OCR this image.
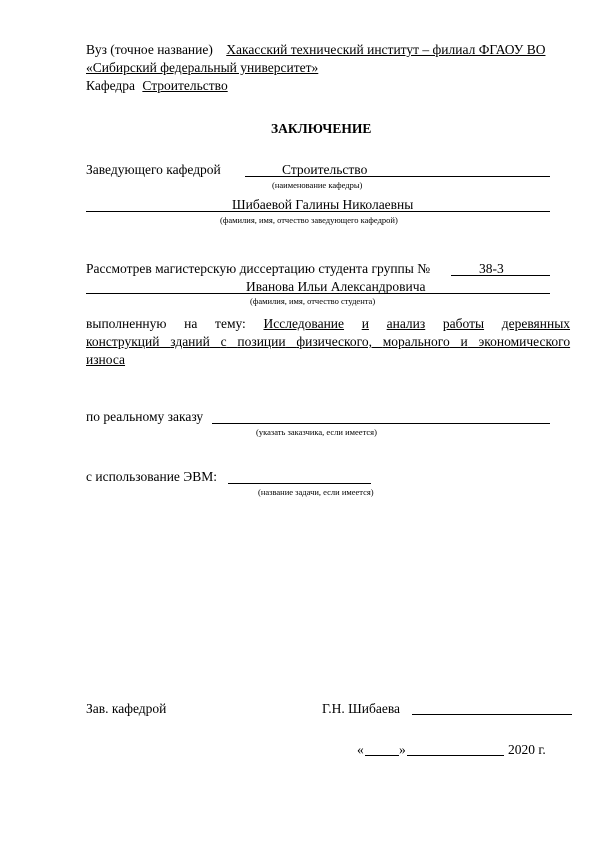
Вуз (точное название) Хакасский технический институт – филиал ФГАОУ ВО
«Сибирский федеральный университет»
Кафедра Строительство
ЗАКЛЮЧЕНИЕ
Заведующего кафедрой	Строительство
(наименование кафедры)
Шибаевой Галины Николаевны
(фамилия, имя, отчество заведующего кафедрой)
Рассмотрев магистерскую диссертацию студента группы №	38-3
Иванова Ильи Александровича
(фамилия, имя, отчество студента)
выполненную на тему: Исследование и анализ работы деревянных
конструкций зданий с позиции физического, морального и экономического
износа
по реальному заказу
(указать заказчика, если имеется)
с использование ЭВМ:
(название задачи, если имеется)
Зав. кафедрой	Г.Н. Шибаева
«	»	2020 г.
